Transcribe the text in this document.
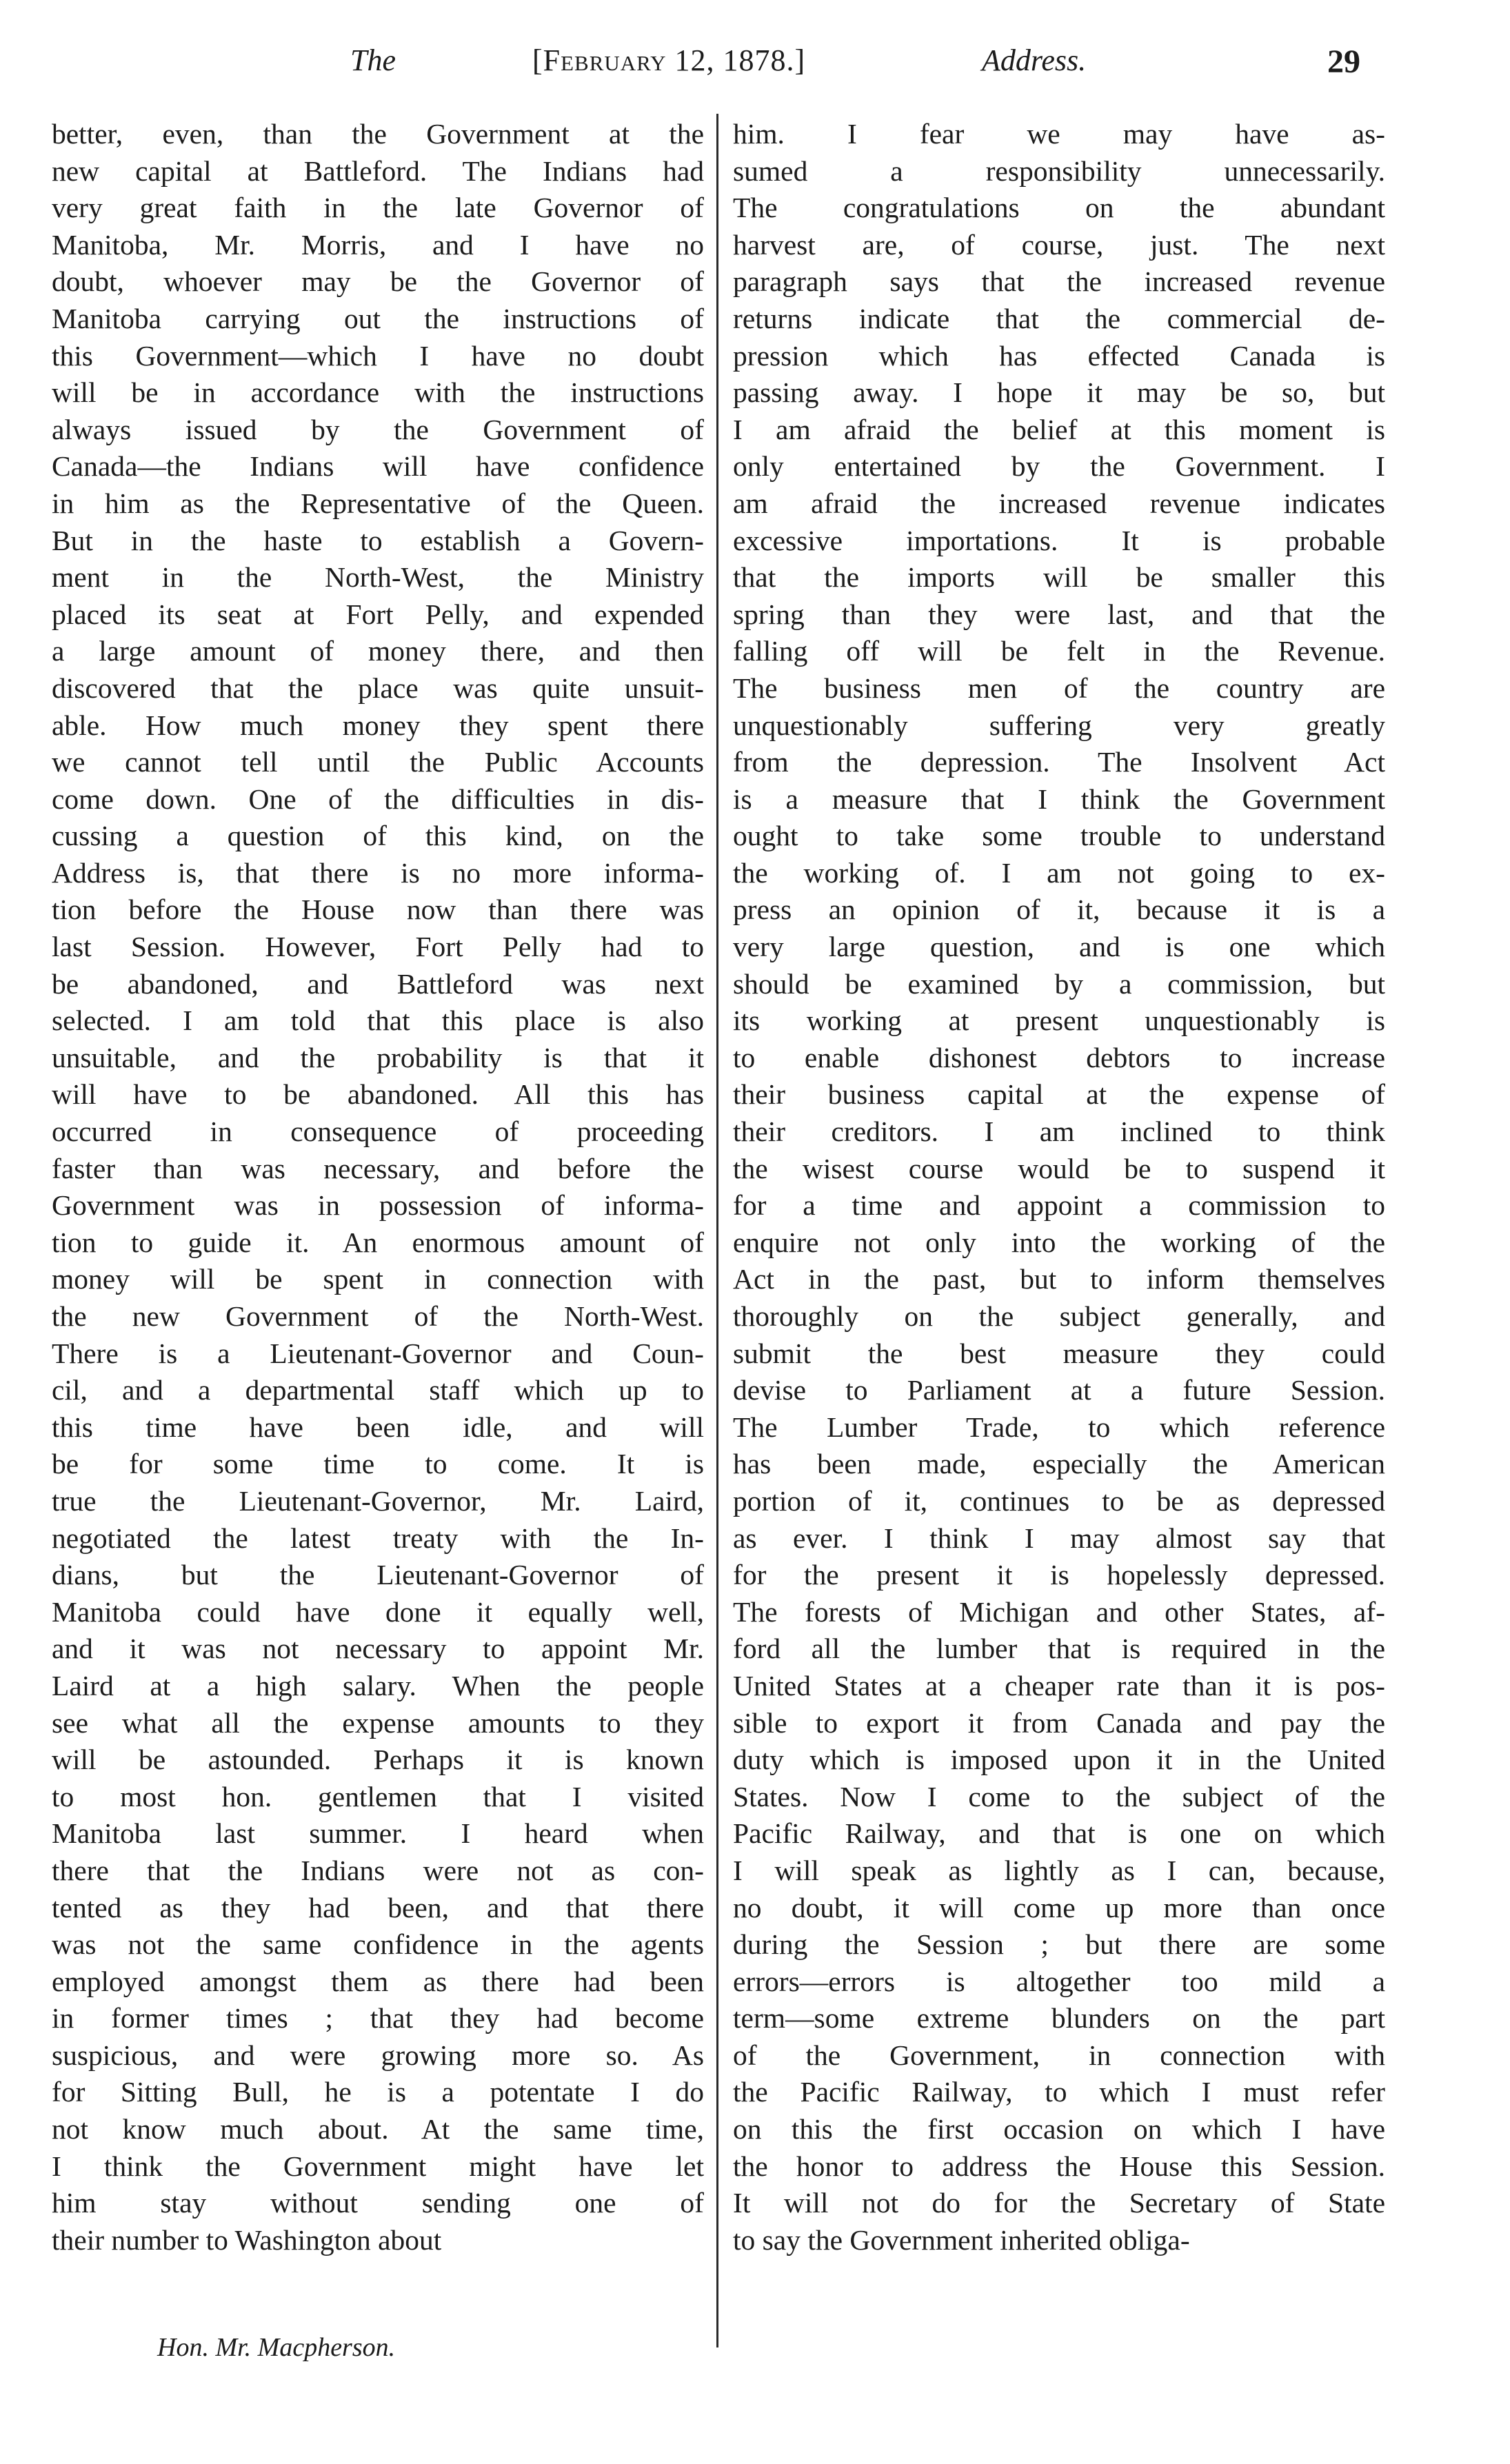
The	[February 12, 1878.]	Address.	29
better, even, than the Government at the
new capital at Battleford. The Indians had
very great faith in the late Governor of
Manitoba, Mr. Morris, and I have no
doubt, whoever may be the Governor of
Manitoba carrying out the instructions of
this Government—which I have no doubt
will be in accordance with the instructions
always issued by the Government of
Canada—the Indians will have confidence
in him as the Representative of the Queen.
But in the haste to establish a Govern-
ment in the North-West, the Ministry
placed its seat at Fort Pelly, and expended
a large amount of money there, and then
discovered that the place was quite unsuit-
able. How much money they spent there
we cannot tell until the Public Accounts
come down. One of the difficulties in dis-
cussing a question of this kind, on the
Address is, that there is no more informa-
tion before the House now than there was
last Session. However, Fort Pelly had to
be abandoned, and Battleford was next
selected. I am told that this place is also
unsuitable, and the probability is that it
will have to be abandoned. All this has
occurred in consequence of proceeding
faster than was necessary, and before the
Government was in possession of informa-
tion to guide it. An enormous amount of
money will be spent in connection with
the new Government of the North-West.
There is a Lieutenant-Governor and Coun-
cil, and a departmental staff which up to
this time have been idle, and will
be for some time to come. It is
true the Lieutenant-Governor, Mr. Laird,
negotiated the latest treaty with the In-
dians, but the Lieutenant-Governor of
Manitoba could have done it equally well,
and it was not necessary to appoint Mr.
Laird at a high salary. When the people
see what all the expense amounts to they
will be astounded. Perhaps it is known
to most hon. gentlemen that I visited
Manitoba last summer. I heard when
there that the Indians were not as con-
tented as they had been, and that there
was not the same confidence in the agents
employed amongst them as there had been
in former times ; that they had become
suspicious, and were growing more so. As
for Sitting Bull, he is a potentate I do
not know much about. At the same time,
I think the Government might have let
him stay without sending one of
their number to Washington about
him. I fear we may have as-
sumed a responsibility unnecessarily.
The congratulations on the abundant
harvest are, of course, just. The next
paragraph says that the increased revenue
returns indicate that the commercial de-
pression which has effected Canada is
passing away. I hope it may be so, but
I am afraid the belief at this moment is
only entertained by the Government. I
am afraid the increased revenue indicates
excessive importations. It is probable
that the imports will be smaller this
spring than they were last, and that the
falling off will be felt in the Revenue.
The business men of the country are
unquestionably suffering very greatly
from the depression. The Insolvent Act
is a measure that I think the Government
ought to take some trouble to understand
the working of. I am not going to ex-
press an opinion of it, because it is a
very large question, and is one which
should be examined by a commission, but
its working at present unquestionably is
to enable dishonest debtors to increase
their business capital at the expense of
their creditors. I am inclined to think
the wisest course would be to suspend it
for a time and appoint a commission to
enquire not only into the working of the
Act in the past, but to inform themselves
thoroughly on the subject generally, and
submit the best measure they could
devise to Parliament at a future Session.
The Lumber Trade, to which reference
has been made, especially the American
portion of it, continues to be as depressed
as ever. I think I may almost say that
for the present it is hopelessly depressed.
The forests of Michigan and other States, af-
ford all the lumber that is required in the
United States at a cheaper rate than it is pos-
sible to export it from Canada and pay the
duty which is imposed upon it in the United
States. Now I come to the subject of the
Pacific Railway, and that is one on which
I will speak as lightly as I can, because,
no doubt, it will come up more than once
during the Session ; but there are some
errors—errors is altogether too mild a
term—some extreme blunders on the part
of the Government, in connection with
the Pacific Railway, to which I must refer
on this the first occasion on which I have
the honor to address the House this Session.
It will not do for the Secretary of State
to say the Government inherited obliga-
Hon. Mr. Macpherson.
